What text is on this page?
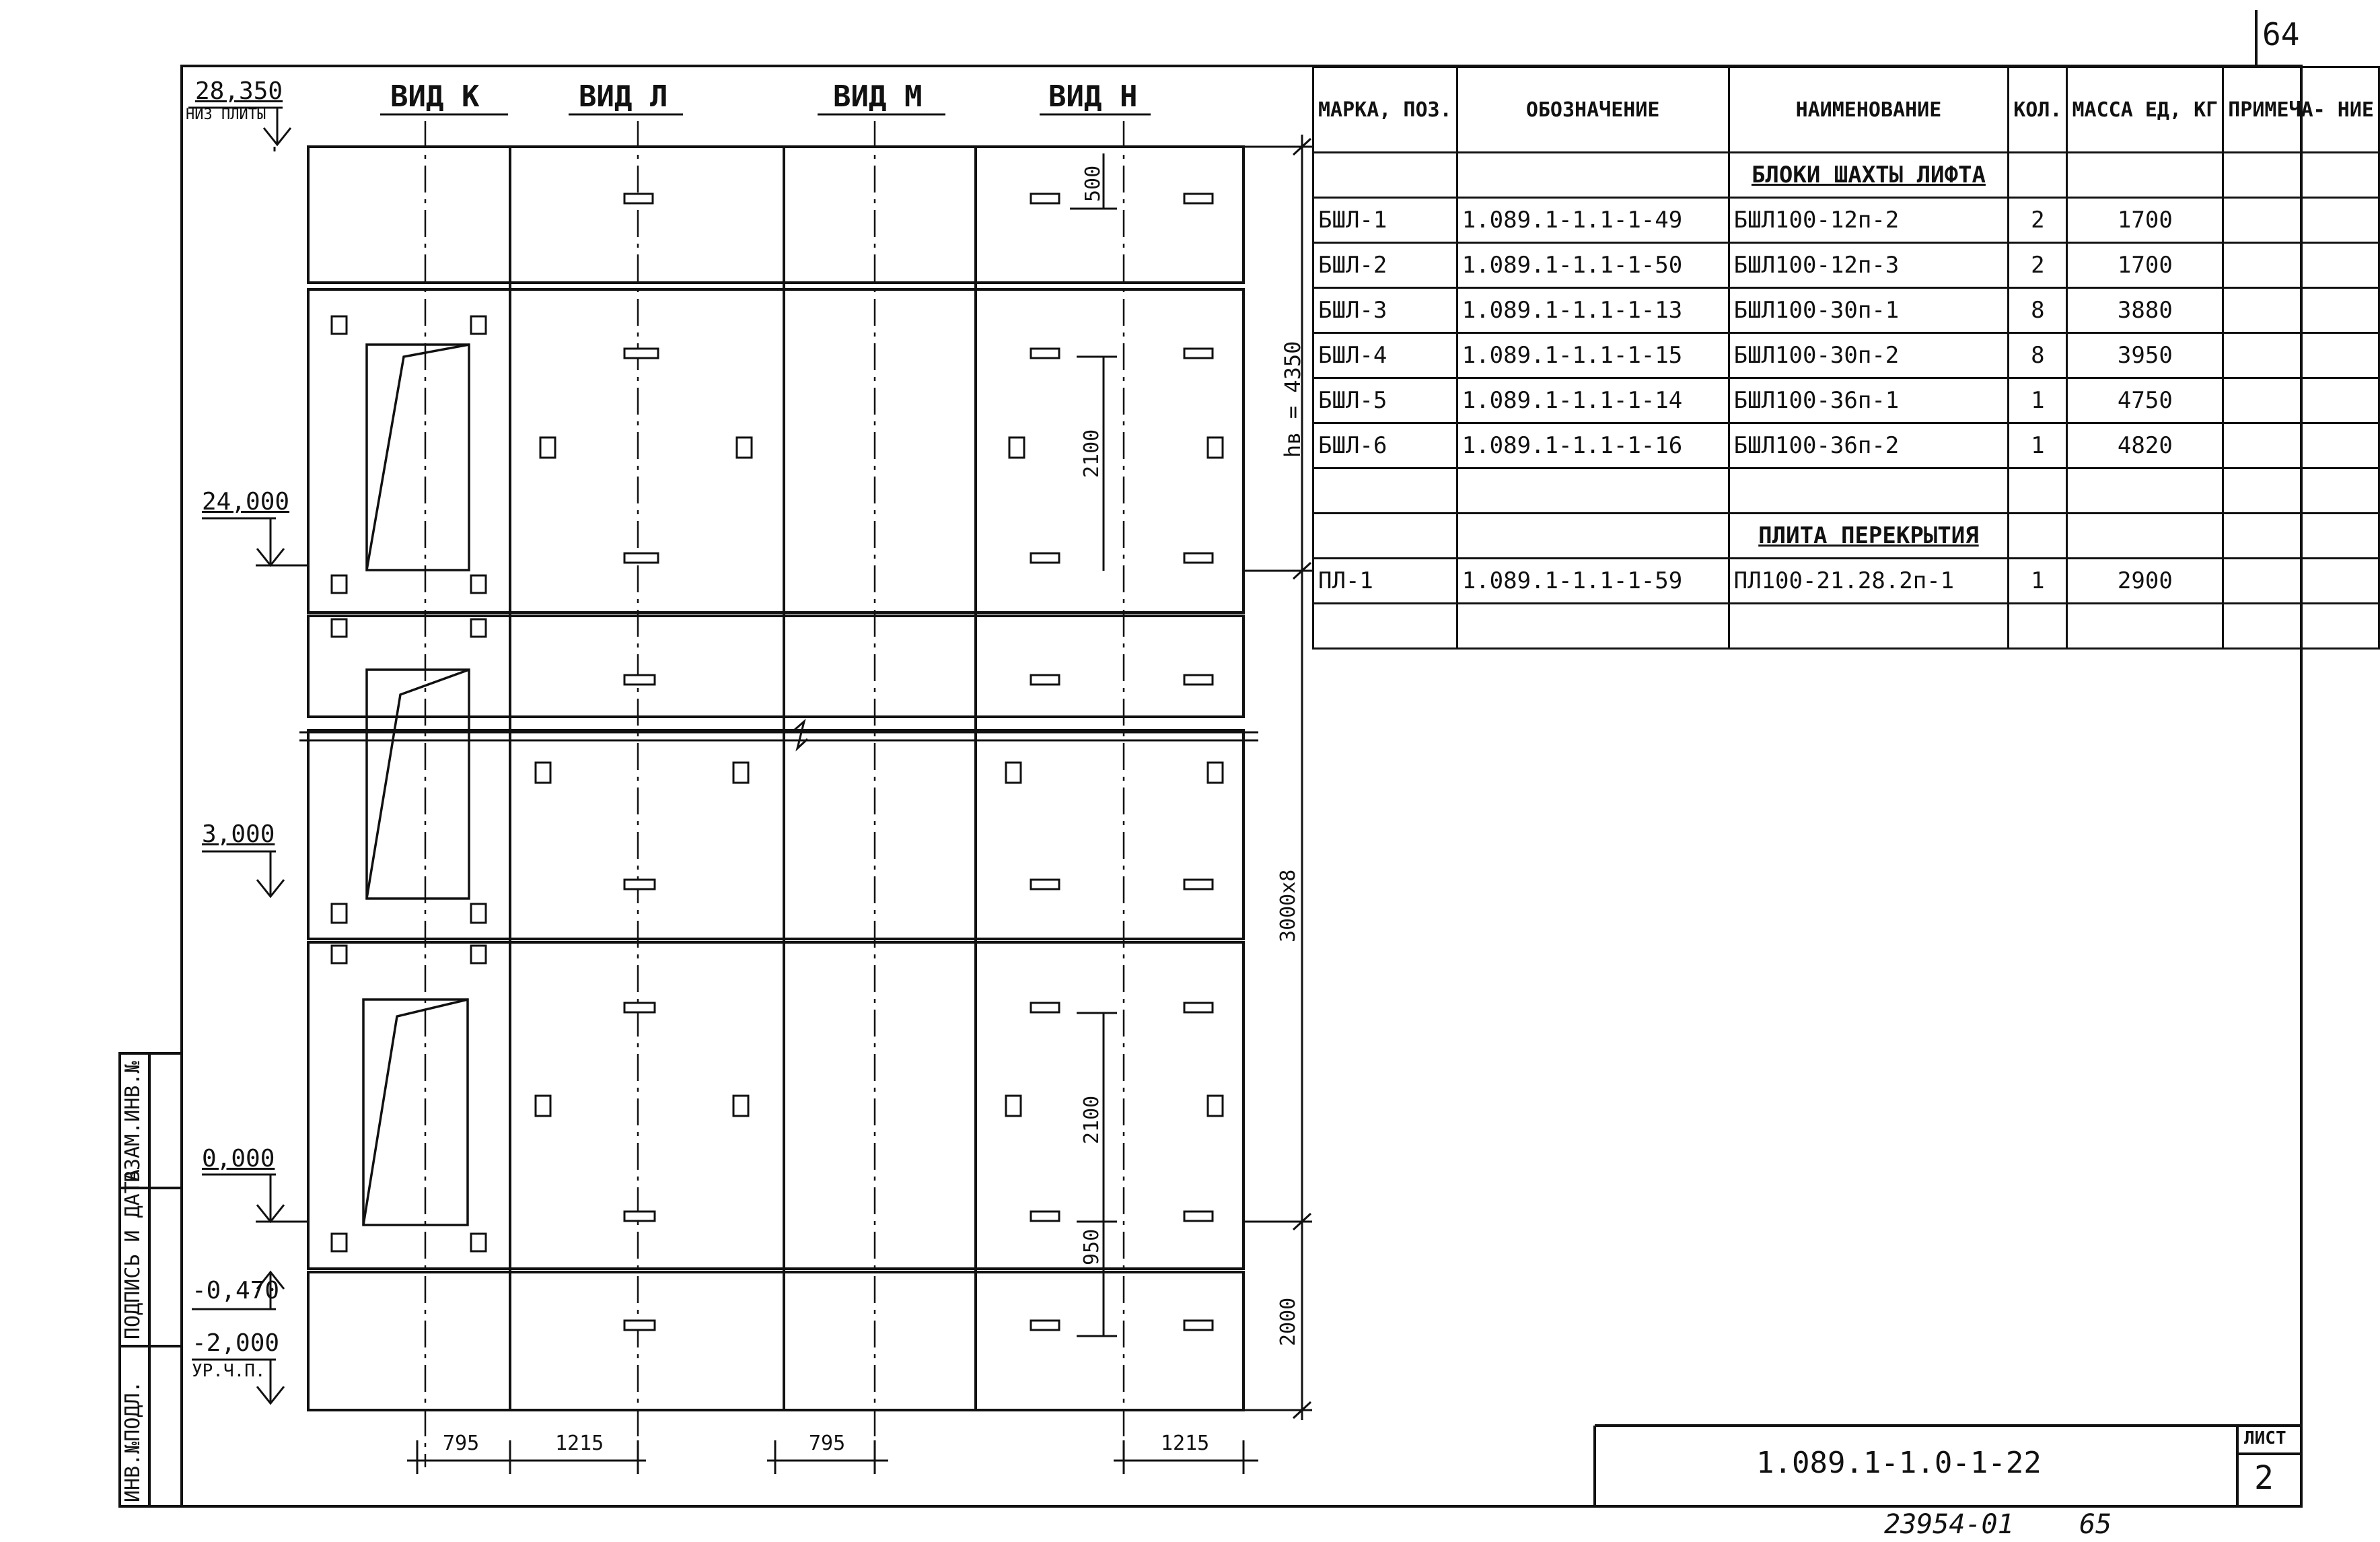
64
ВИД К	ВИД Л	ВИД М	ВИД Н
28,350
НИЗ ПЛИТЫ
24,000
3,000
0,000
-0,470
-2,000
УР.Ч.П.
500
2100	hв = 4350
3000x8
2100
950
2000
795	1215	795	1215
МАРКА, ПОЗ.	ОБОЗНАЧЕНИЕ	НАИМЕНОВАНИЕ	КОЛ.	МАССА ЕД, КГ	ПРИМЕЧА- НИЕ
		БЛОКИ ШАХТЫ ЛИФТА			
БШЛ-1	1.089.1-1.1-1-49	БШЛ100-12п-2	2	1700	
БШЛ-2	1.089.1-1.1-1-50	БШЛ100-12п-3	2	1700	
БШЛ-3	1.089.1-1.1-1-13	БШЛ100-30п-1	8	3880	
БШЛ-4	1.089.1-1.1-1-15	БШЛ100-30п-2	8	3950	
БШЛ-5	1.089.1-1.1-1-14	БШЛ100-36п-1	1	4750	
БШЛ-6	1.089.1-1.1-1-16	БШЛ100-36п-2	1	4820	

		ПЛИТА ПЕРЕКРЫТИЯ			
ПЛ-1	1.089.1-1.1-1-59	ПЛ100-21.28.2п-1	1	2900	

ИНВ.№ПОДЛ.
ПОДПИСЬ И ДАТА
ВЗАМ.ИНВ.№
1.089.1-1.0-1-22
ЛИСТ
2
23954-01 65
